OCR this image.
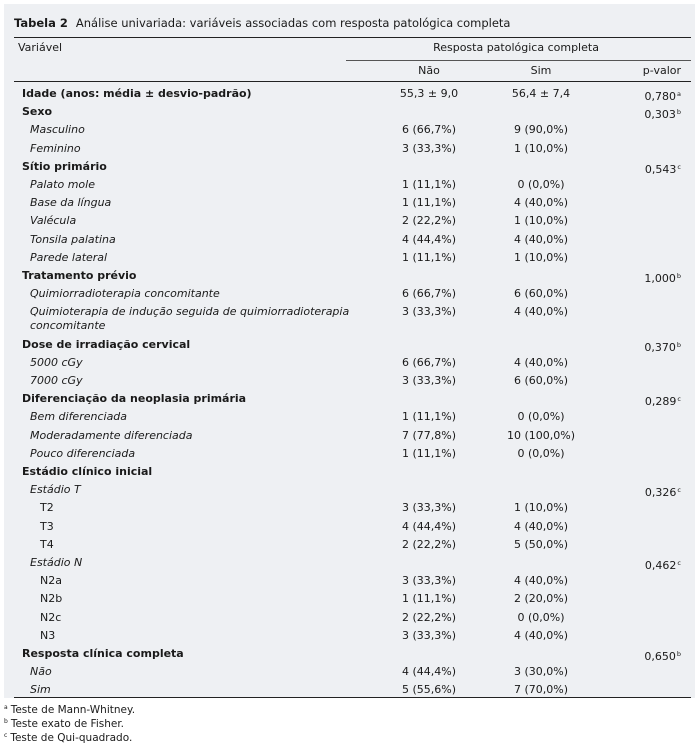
Tabela 2 Análise univariada: variáveis associadas com resposta patológica completa
Variável	Resposta patológica completa
Não	Sim	p-valor
Idade (anos: média ± desvio-padrão)	55,3 ± 9,0	56,4 ± 7,4	0,780$^a$
Sexo	0,303$^b$
Masculino	6 (66,7%)	9 (90,0%)
Feminino	3 (33,3%)	1 (10,0%)
Sítio primário	0,543$^c$
Palato mole	1 (11,1%)	0 (0,0%)
Base da língua	1 (11,1%)	4 (40,0%)
Valécula	2 (22,2%)	1 (10,0%)
Tonsila palatina	4 (44,4%)	4 (40,0%)
Parede lateral	1 (11,1%)	1 (10,0%)
Tratamento prévio	1,000$^b$
Quimiorradioterapia concomitante	6 (66,7%)	6 (60,0%)
Quimioterapia de indução seguida de quimiorradioterapia
concomitante
3 (33,3%)	4 (40,0%)
Dose de irradiação cervical	0,370$^b$
5000 cGy	6 (66,7%)	4 (40,0%)
7000 cGy	3 (33,3%)	6 (60,0%)
Diferenciação da neoplasia primária	0,289$^c$
Bem diferenciada	1 (11,1%)	0 (0,0%)
Moderadamente diferenciada	7 (77,8%)	10 (100,0%)
Pouco diferenciada	1 (11,1%)	0 (0,0%)
Estádio clínico inicial
Estádio T	0,326$^c$
T2	3 (33,3%)	1 (10,0%)
T3	4 (44,4%)	4 (40,0%)
T4	2 (22,2%)	5 (50,0%)
Estádio N	0,462$^c$
N2a	3 (33,3%)	4 (40,0%)
N2b	1 (11,1%)	2 (20,0%)
N2c	2 (22,2%)	0 (0,0%)
N3	3 (33,3%)	4 (40,0%)
Resposta clínica completa	0,650$^b$
Não	4 (44,4%)	3 (30,0%)
Sim	5 (55,6%)	7 (70,0%)
$^a$ Teste de Mann-Whitney.
$^b$ Teste exato de Fisher.
$^c$ Teste de Qui-quadrado.
